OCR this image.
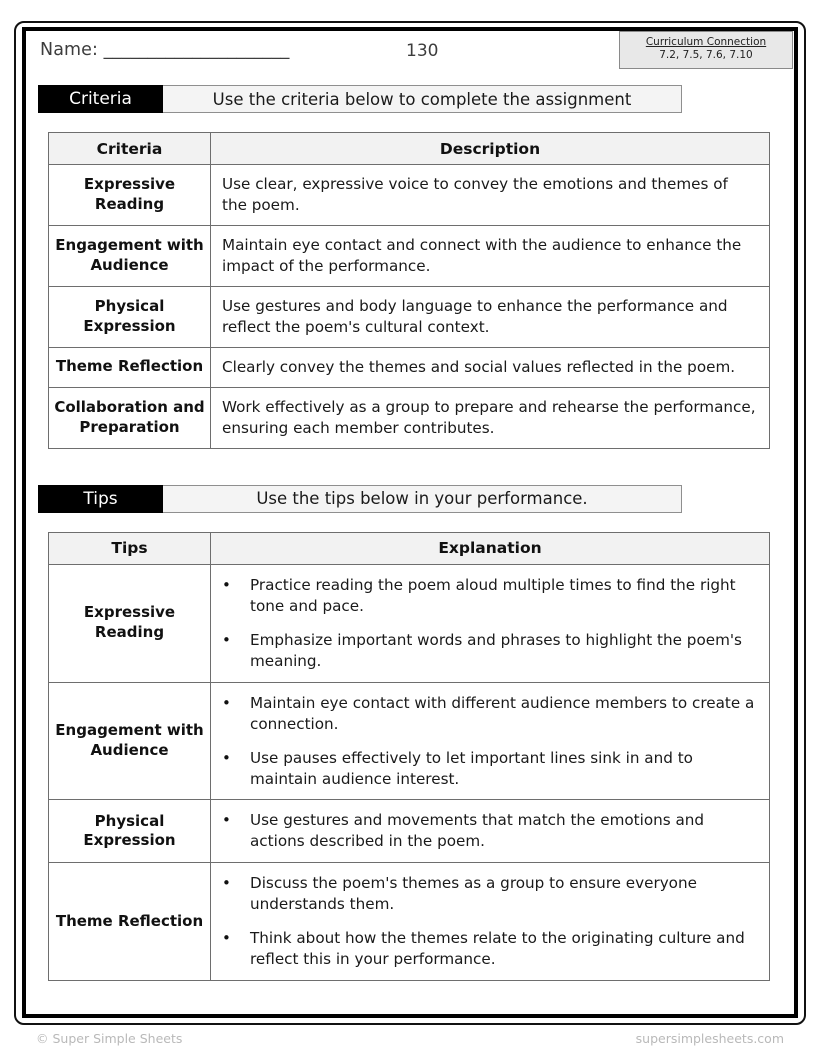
Name: _____________________	130	Curriculum Connection
7.2, 7.5, 7.6, 7.10
Criteria	Use the criteria below to complete the assignment
Criteria	Description
Expressive Reading	Use clear, expressive voice to convey the emotions and themes of the poem.
Engagement with Audience	Maintain eye contact and connect with the audience to enhance the impact of the performance.
Physical Expression	Use gestures and body language to enhance the performance and reflect the poem's cultural context.
Theme Reflection	Clearly convey the themes and social values reflected in the poem.
Collaboration and Preparation	Work effectively as a group to prepare and rehearse the performance, ensuring each member contributes.
Tips	Use the tips below in your performance.
Tips	Explanation
Expressive Reading	
• Practice reading the poem aloud multiple times to find the right tone and pace.
• Emphasize important words and phrases to highlight the poem's meaning.

Engagement with Audience	
• Maintain eye contact with different audience members to create a connection.
• Use pauses effectively to let important lines sink in and to maintain audience interest.

Physical Expression	
• Use gestures and movements that match the emotions and actions described in the poem.

Theme Reflection	
• Discuss the poem's themes as a group to ensure everyone understands them.
• Think about how the themes relate to the originating culture and reflect this in your performance.
© Super Simple Sheets	supersimplesheets.com
